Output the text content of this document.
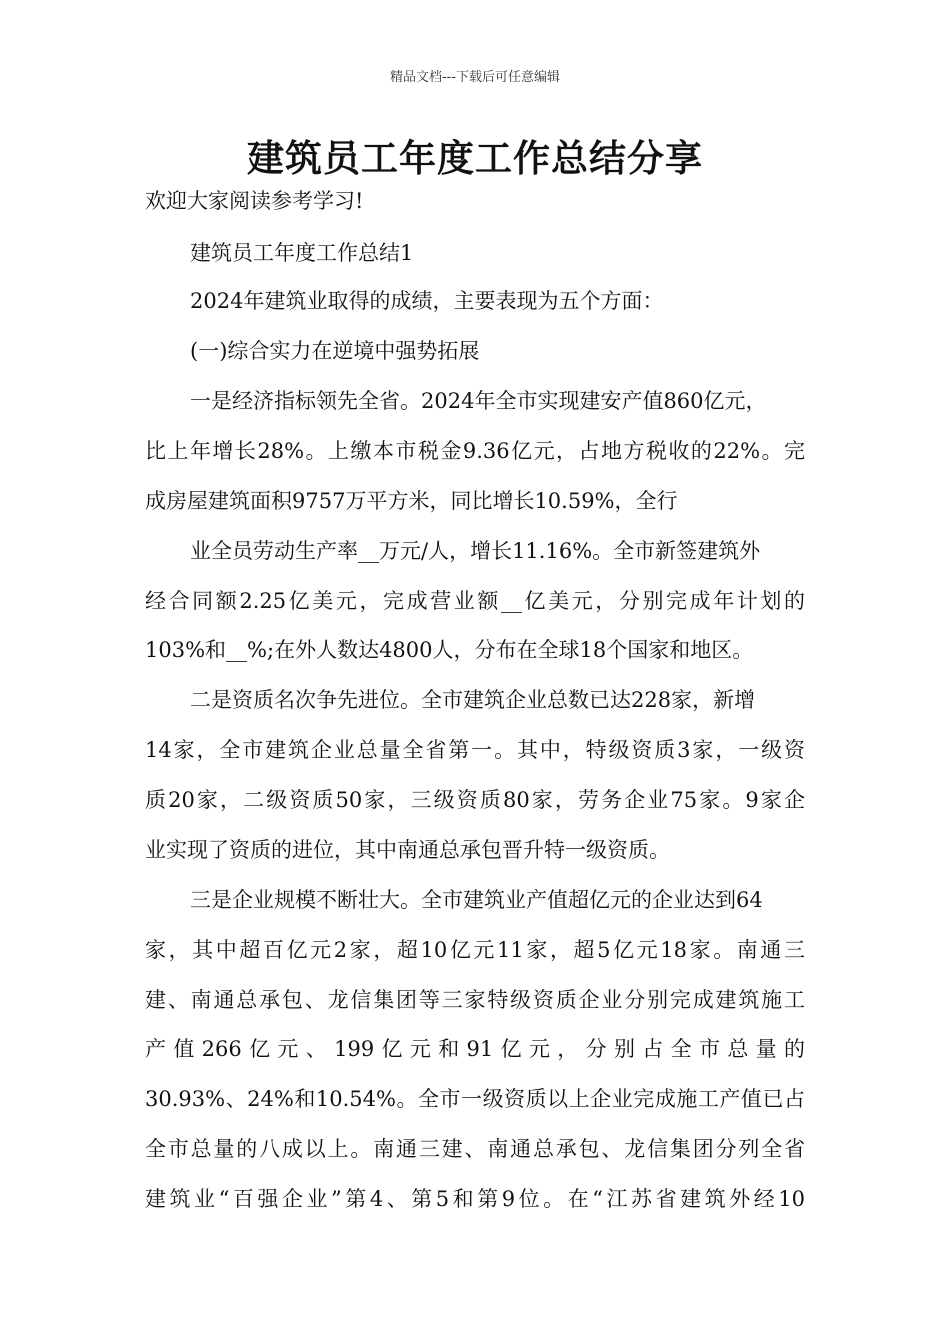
精品文档---下载后可任意编辑
建筑员工年度工作总结分享

欢迎大家阅读参考学习!

建筑员工年度工作总结1

2024年建筑业取得的成绩，主要表现为五个方面：

(一)综合实力在逆境中强势拓展

一是经济指标领先全省。2024年全市实现建安产值860亿元，

比上年增长28%。上缴本市税金9.36亿元，占地方税收的22%。完

成房屋建筑面积9757万平方米，同比增长10.59%，全行

业全员劳动生产率__万元/人，增长11.16%。全市新签建筑外

经合同额2.25亿美元，完成营业额__亿美元，分别完成年计划的

103%和__%;在外人数达4800人，分布在全球18个国家和地区。

二是资质名次争先进位。全市建筑企业总数已达228家，新增

14家，全市建筑企业总量全省第一。其中，特级资质3家，一级资

质20家，二级资质50家，三级资质80家，劳务企业75家。9家企

业实现了资质的进位，其中南通总承包晋升特一级资质。

三是企业规模不断壮大。全市建筑业产值超亿元的企业达到64

家，其中超百亿元2家，超10亿元11家，超5亿元18家。南通三

建、南通总承包、龙信集团等三家特级资质企业分别完成建筑施工

产值266亿元、199亿元和91亿元，分别占全市总量的

30.93%、24%和10.54%。全市一级资质以上企业完成施工产值已占

全市总量的八成以上。南通三建、南通总承包、龙信集团分列全省

建筑业“百强企业”第4、第5和第9位。在“江苏省建筑外经10
